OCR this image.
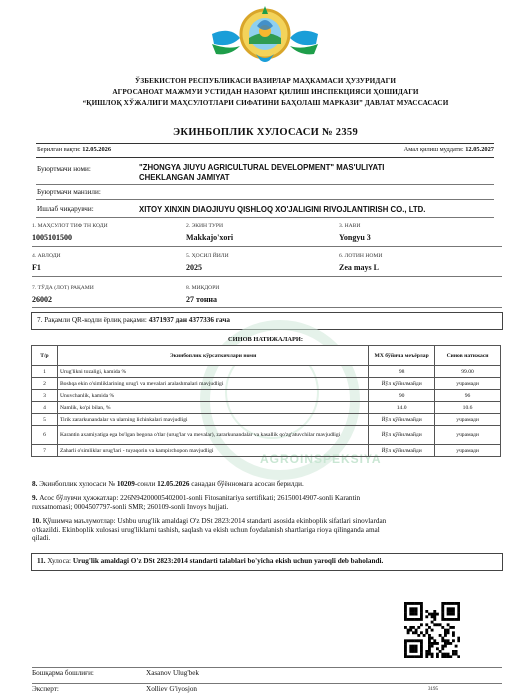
ЎЗБЕКИСТОН РЕСПУБЛИКАСИ ВАЗИРЛАР МАҲКАМАСИ ҲУЗУРИДАГИ
АГРОСАНОАТ МАЖМУИ УСТИДАН НАЗОРАТ ҚИЛИШ ИНСПЕКЦИЯСИ ҲОШИДАГИ
“ҚИШЛОҚ ХЎЖАЛИГИ МАҲСУЛОТЛАРИ СИФАТИНИ БАҲОЛАШ МАРКАЗИ” ДАВЛАТ МУАССАСАСИ
ЭКИНБОПЛИК ХУЛОСАСИ № 2359
Берилган вақти: 12.05.2026	Амал қилиш муддати: 12.05.2027
Буюртмачи номи:	"ZHONGYA JIUYU AGRICULTURAL DEVELOPMENT" MAS'ULIYATI
CHEKLANGAN JAMIYAT
Буюртмачи манзили:
Ишлаб чиқарувчи:	XITOY XINXIN DIAOJIUYU QISHLOQ XO'JALIGINI RIVOJLANTIRISH CO., LTD.
1. МАҲСУЛОТ ТИФ ТН КОДИ
1005101500
2. ЭКИН ТУРИ
Makkajo'xori
3. НАВИ
Yongyu 3
4. АВЛОДИ
F1
5. ҲОСИЛ ЙИЛИ
2025
6. ЛОТИН НОМИ
Zea mays L
7. ТЎДА (ЛОТ) РАҚАМИ
26002
8. МИҚДОРИ
27 тонна
7. Рақамли QR-кодли ёрлиқ рақами: 4371937 дан 4377336 гача
AGROINSPEKSIYA
СИНОВ НАТИЖАЛАРИ:
Т/р	Экинбоплик кўрсаткичлари номи	МХ бўйича меъёрлар	Синов натижаси
1	Urug'likni tozaligi, kamida %	98	99.00
2	Boshqa ekin o'simliklarining urug'i va mevalari aralashmalari mavjudligi	Йўл қўйилмайди	учрамади
3	Unuvchanlik, kamida %	90	96
4	Namlik, ko'pi bilan, %	14.0	10.6
5	Tirik zararkunandalar va ularning lichinkalari mavjudligi	Йўл қўйилмайди	учрамади
6	Karantin axamiyatiga ega bo'lgan begona o'tlar (urug'lar va mevalar), zararkunandalar va kasallik qo'zg'atuvchilar mavjudligi	Йўл қўйилмайди	учрамади
7	Zaharli o'simliklar urug'lari - tuyaqorin va kampirchopon mavjudligi	Йўл қўйилмайди	учрамади
8. Экинбоплик хулосаси № 10209-сонли 12.05.2026 санадан бўённомага асосан берилди.
9. Асос бўлувчи ҳужжатлар: 226N94200005402001-sonli Fitosanitariya sertifikati; 26150014907-sonli Karantin
ruxsatnomasi; 0004507797-sonli SMR; 260109-sonli Invoys hujjati.
10. Қўшимча маълумотлар: Ushbu urug'lik amaldagi O'z DSt 2823:2014 standarti asosida ekinboplik sifatlari sinovlardan
o'tkazildi. Ekinboplik xulosasi urug'liklarni tashish, saqlash va ekish uchun foydalanish shartlariga rioya qilinganda amal
qiladi.
11. Хулоса: Urug'lik amaldagi O'z DSt 2823:2014 standarti talablari bo'yicha ekish uchun yaroqli deb baholandi.
Бошқарма бошлиғи:	Xasanov Ulug'bek
Эксперт:	Xolliev G'iyosjon	3195
